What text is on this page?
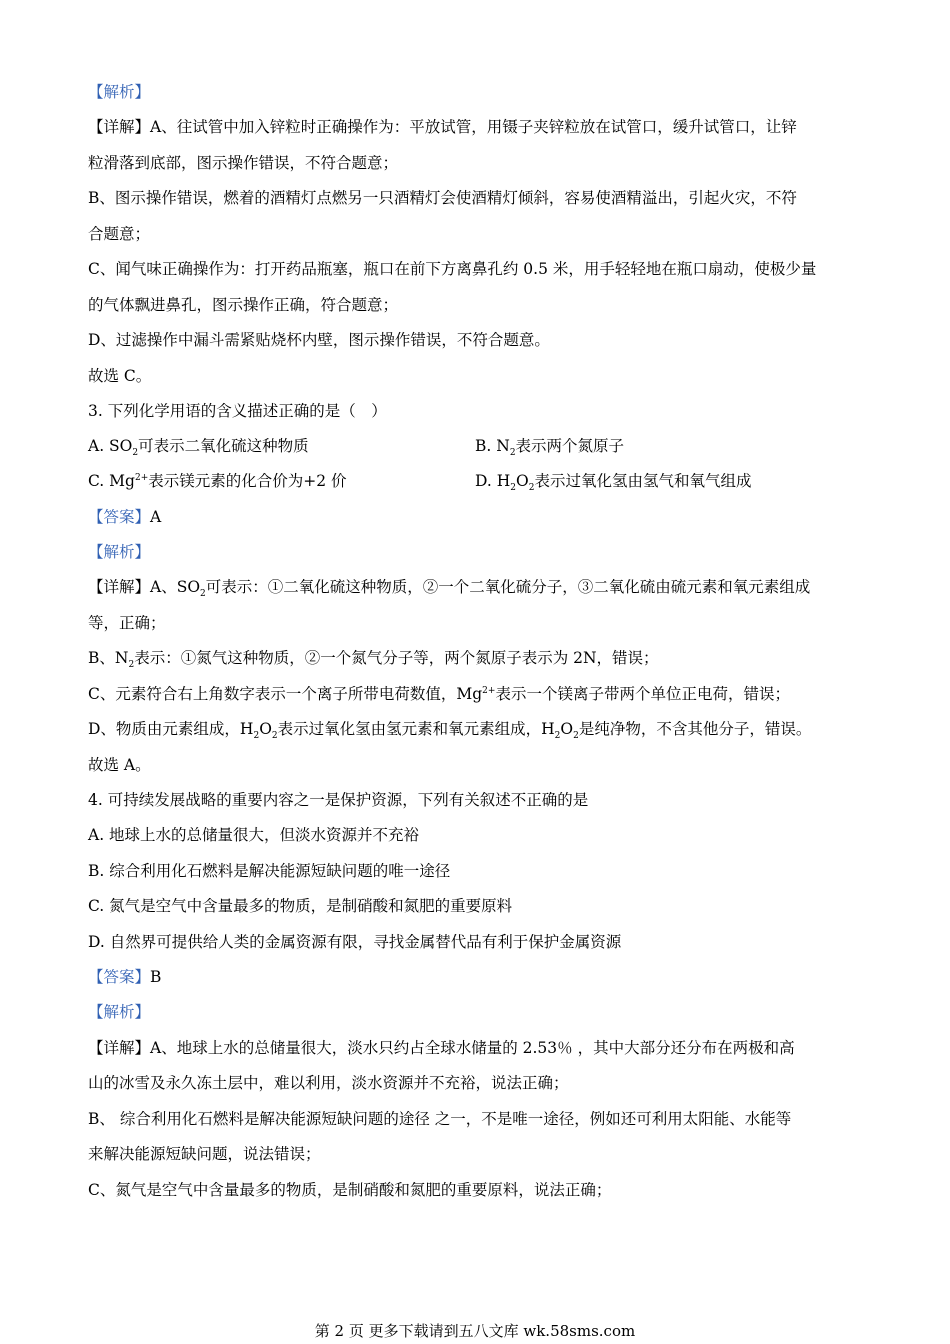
【解析】
【详解】A、往试管中加入锌粒时正确操作为：平放试管，用镊子夹锌粒放在试管口，缓升试管口，让锌
粒滑落到底部，图示操作错误，不符合题意；
B、图示操作错误，燃着的酒精灯点燃另一只酒精灯会使酒精灯倾斜，容易使酒精溢出，引起火灾，不符
合题意；
C、闻气味正确操作为：打开药品瓶塞，瓶口在前下方离鼻孔约 0.5 米，用手轻轻地在瓶口扇动，使极少量
的气体飘进鼻孔，图示操作正确，符合题意；
D、过滤操作中漏斗需紧贴烧杯内壁，图示操作错误，不符合题意。
故选 C。
3. 下列化学用语的含义描述正确的是（　）
A. $SO_2$可表示二氧化硫这种物质	B. $N_2$表示两个氮原子
C. $Mg^{2+}$表示镁元素的化合价为+2 价	D. $H_2O_2$表示过氧化氢由氢气和氧气组成
【答案】A
【解析】
【详解】A、$SO_2$可表示：①二氧化硫这种物质，②一个二氧化硫分子，③二氧化硫由硫元素和氧元素组成
等，正确；
B、$N_2$表示：①氮气这种物质，②一个氮气分子等，两个氮原子表示为 2N，错误；
C、元素符合右上角数字表示一个离子所带电荷数值，$Mg^{2+}$表示一个镁离子带两个单位正电荷，错误；
D、物质由元素组成，$H_2O_2$表示过氧化氢由氢元素和氧元素组成，$H_2O_2$是纯净物，不含其他分子，错误。
故选 A。
4. 可持续发展战略的重要内容之一是保护资源，下列有关叙述不正确的是
A. 地球上水的总储量很大，但淡水资源并不充裕
B. 综合利用化石燃料是解决能源短缺问题的唯一途径
C. 氮气是空气中含量最多的物质，是制硝酸和氮肥的重要原料
D. 自然界可提供给人类的金属资源有限，寻找金属替代品有利于保护金属资源
【答案】B
【解析】
【详解】A、地球上水的总储量很大，淡水只约占全球水储量的 2.53％ ，其中大部分还分布在两极和高
山的冰雪及永久冻土层中，难以利用，淡水资源并不充裕，说法正确；
B、 综合利用化石燃料是解决能源短缺问题的途径 之一，不是唯一途径，例如还可利用太阳能、水能等
来解决能源短缺问题，说法错误；
C、氮气是空气中含量最多的物质，是制硝酸和氮肥的重要原料，说法正确；
第 2 页 更多下载请到五八文库 wk.58sms.com
